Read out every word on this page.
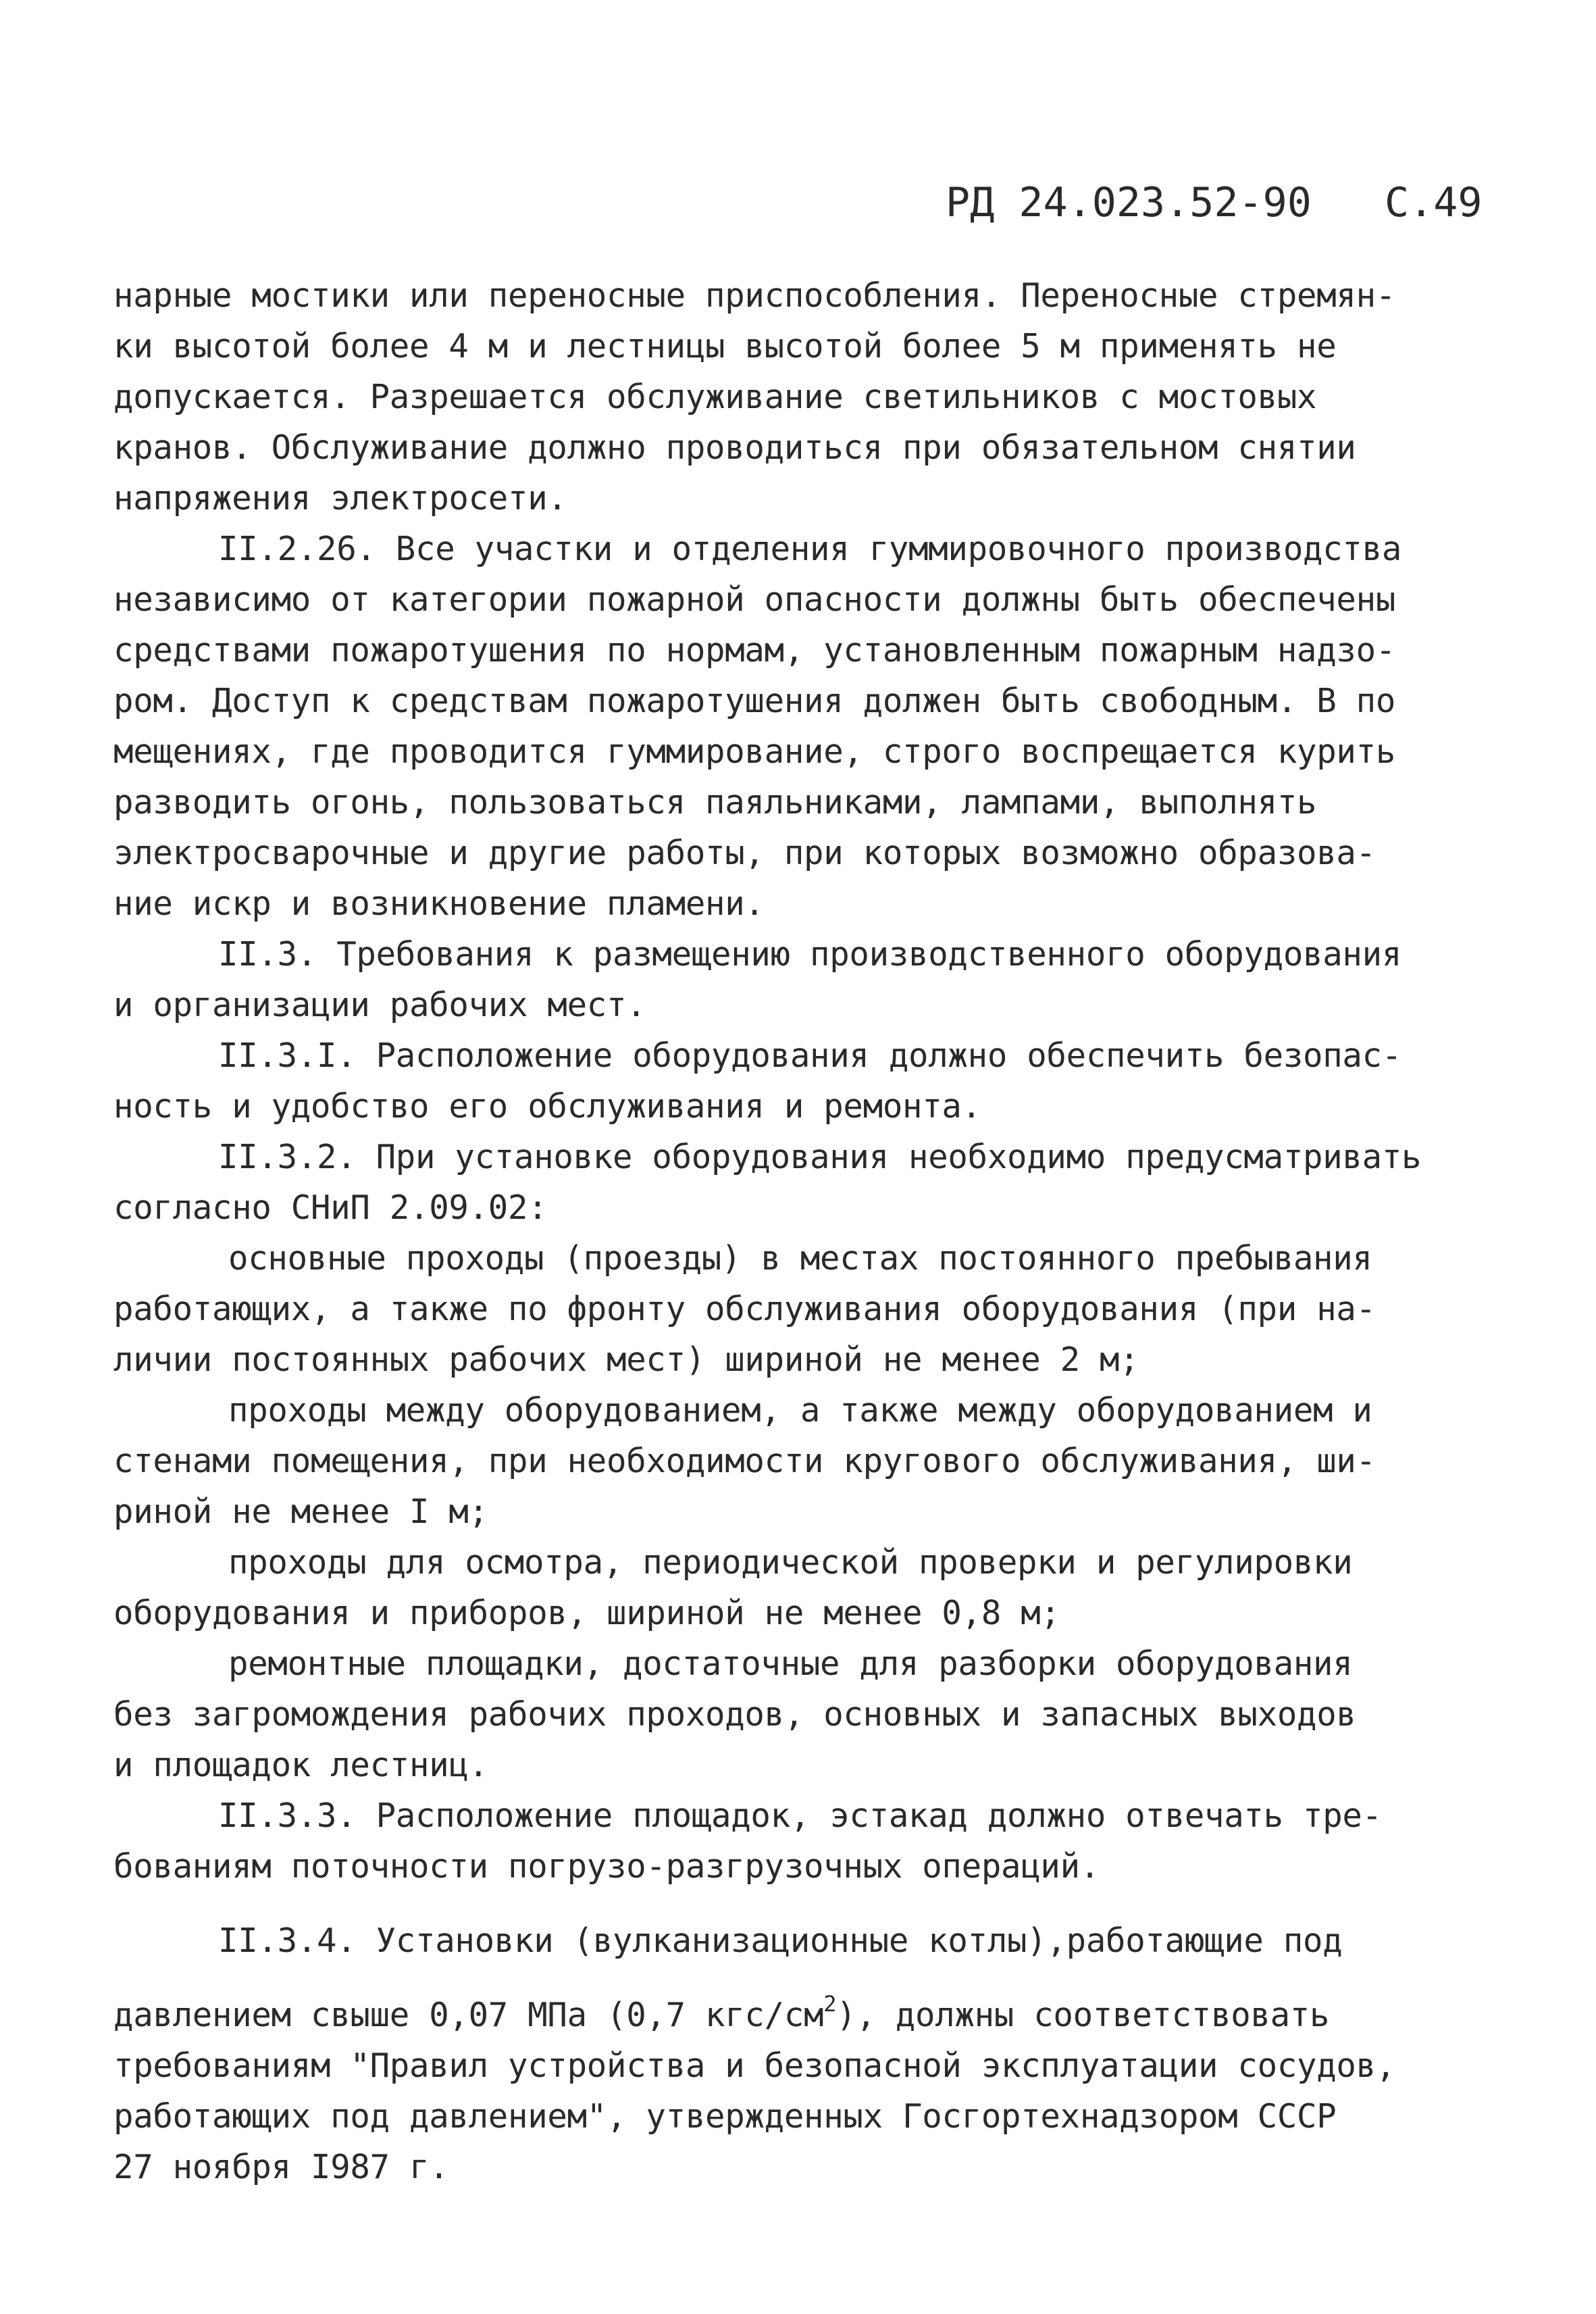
РД 24.023.52-90 С.49
нарные мостики или переносные приспособления. Переносные стремян-
ки высотой более 4 м и лестницы высотой более 5 м применять не
допускается. Разрешается обслуживание светильников с мостовых
кранов. Обслуживание должно проводиться при обязательном снятии
напряжения электросети.
II.2.26. Все участки и отделения гуммировочного производства
независимо от категории пожарной опасности должны быть обеспечены
средствами пожаротушения по нормам, установленным пожарным надзо-
ром. Доступ к средствам пожаротушения должен быть свободным. В по
мещениях, где проводится гуммирование, строго воспрещается курить
разводить огонь, пользоваться паяльниками, лампами, выполнять
электросварочные и другие работы, при которых возможно образова-
ние искр и возникновение пламени.
II.3. Требования к размещению производственного оборудования
и организации рабочих мест.
II.3.I. Расположение оборудования должно обеспечить безопас-
ность и удобство его обслуживания и ремонта.
II.3.2. При установке оборудования необходимо предусматривать
согласно СНиП 2.09.02:
основные проходы (проезды) в местах постоянного пребывания
работающих, а также по фронту обслуживания оборудования (при на-
личии постоянных рабочих мест) шириной не менее 2 м;
проходы между оборудованием, а также между оборудованием и
стенами помещения, при необходимости кругового обслуживания, ши-
риной не менее I м;
проходы для осмотра, периодической проверки и регулировки
оборудования и приборов, шириной не менее 0,8 м;
ремонтные площадки, достаточные для разборки оборудования
без загромождения рабочих проходов, основных и запасных выходов
и площадок лестниц.
II.3.3. Расположение площадок, эстакад должно отвечать тре-
бованиям поточности погрузо-разгрузочных операций.
II.3.4. Установки (вулканизационные котлы),работающие под
давлением свыше 0,07 МПа (0,7 кгс/$см^2$), должны соответствовать
требованиям "Правил устройства и безопасной эксплуатации сосудов,
работающих под давлением", утвержденных Госгортехнадзором СССР
27 ноября I987 г.
